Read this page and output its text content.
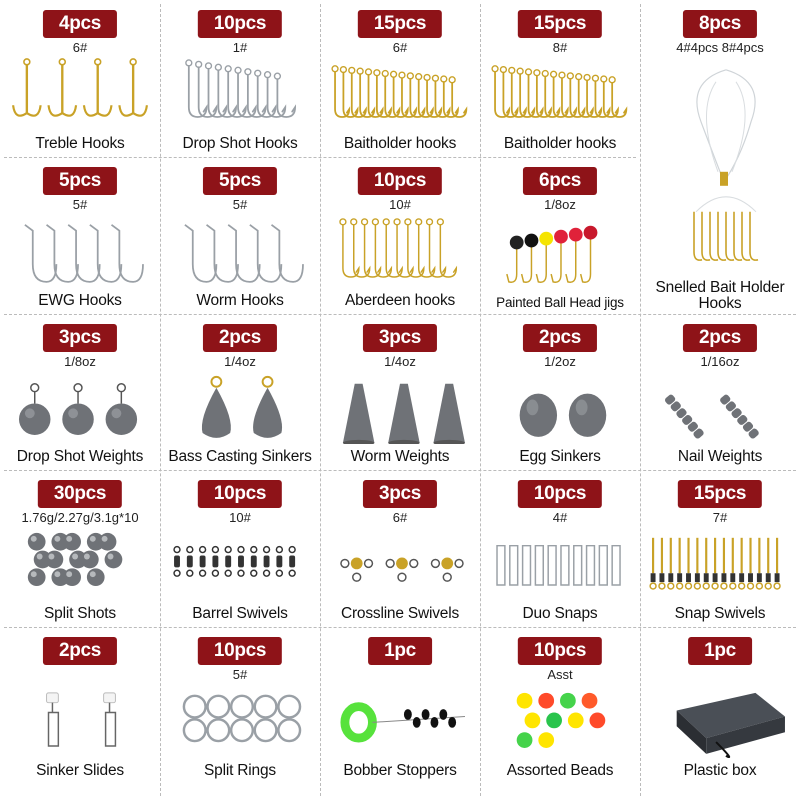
4pcs
6#
Treble Hooks
10pcs
1#
Drop Shot Hooks
15pcs
6#
Baitholder hooks
15pcs
8#
Baitholder hooks
8pcs
4#4pcs 8#4pcs
Snelled Bait Holder Hooks
5pcs
5#
EWG Hooks
5pcs
5#
Worm Hooks
10pcs
10#
Aberdeen hooks
6pcs
1/8oz
Painted Ball Head jigs
3pcs
1/8oz
Drop Shot Weights
2pcs
1/4oz
Bass Casting Sinkers
3pcs
1/4oz
Worm Weights
2pcs
1/2oz
Egg Sinkers
2pcs
1/16oz
Nail Weights
30pcs
1.76g/2.27g/3.1g*10
Split Shots
10pcs
10#
Barrel Swivels
3pcs
6#
Crossline Swivels
10pcs
4#
Duo Snaps
15pcs
7#
Snap Swivels
2pcs
Sinker Slides
10pcs
5#
Split Rings
1pc
Bobber Stoppers
10pcs
Asst
Assorted Beads
1pc
Plastic box
